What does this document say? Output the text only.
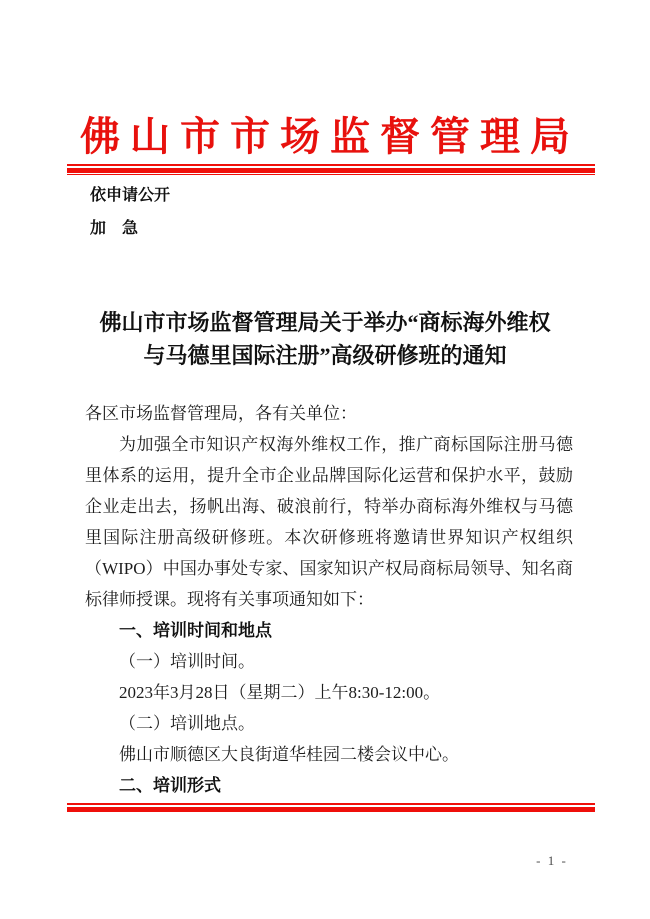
佛山市市场监督管理局
依申请公开
加　急
佛山市市场监督管理局关于举办“商标海外维权
与马德里国际注册”高级研修班的通知

各区市场监督管理局，各有关单位：

为加强全市知识产权海外维权工作，推广商标国际注册马德里体系的运用，提升全市企业品牌国际化运营和保护水平，鼓励企业走出去，扬帆出海、破浪前行，特举办商标海外维权与马德里国际注册高级研修班。本次研修班将邀请世界知识产权组织（WIPO）中国办事处专家、国家知识产权局商标局领导、知名商标律师授课。现将有关事项通知如下：

一、培训时间和地点

（一）培训时间。

2023年3月28日（星期二）上午8:30-12:00。

（二）培训地点。

佛山市顺德区大良街道华桂园二楼会议中心。

二、培训形式

- 1 -
